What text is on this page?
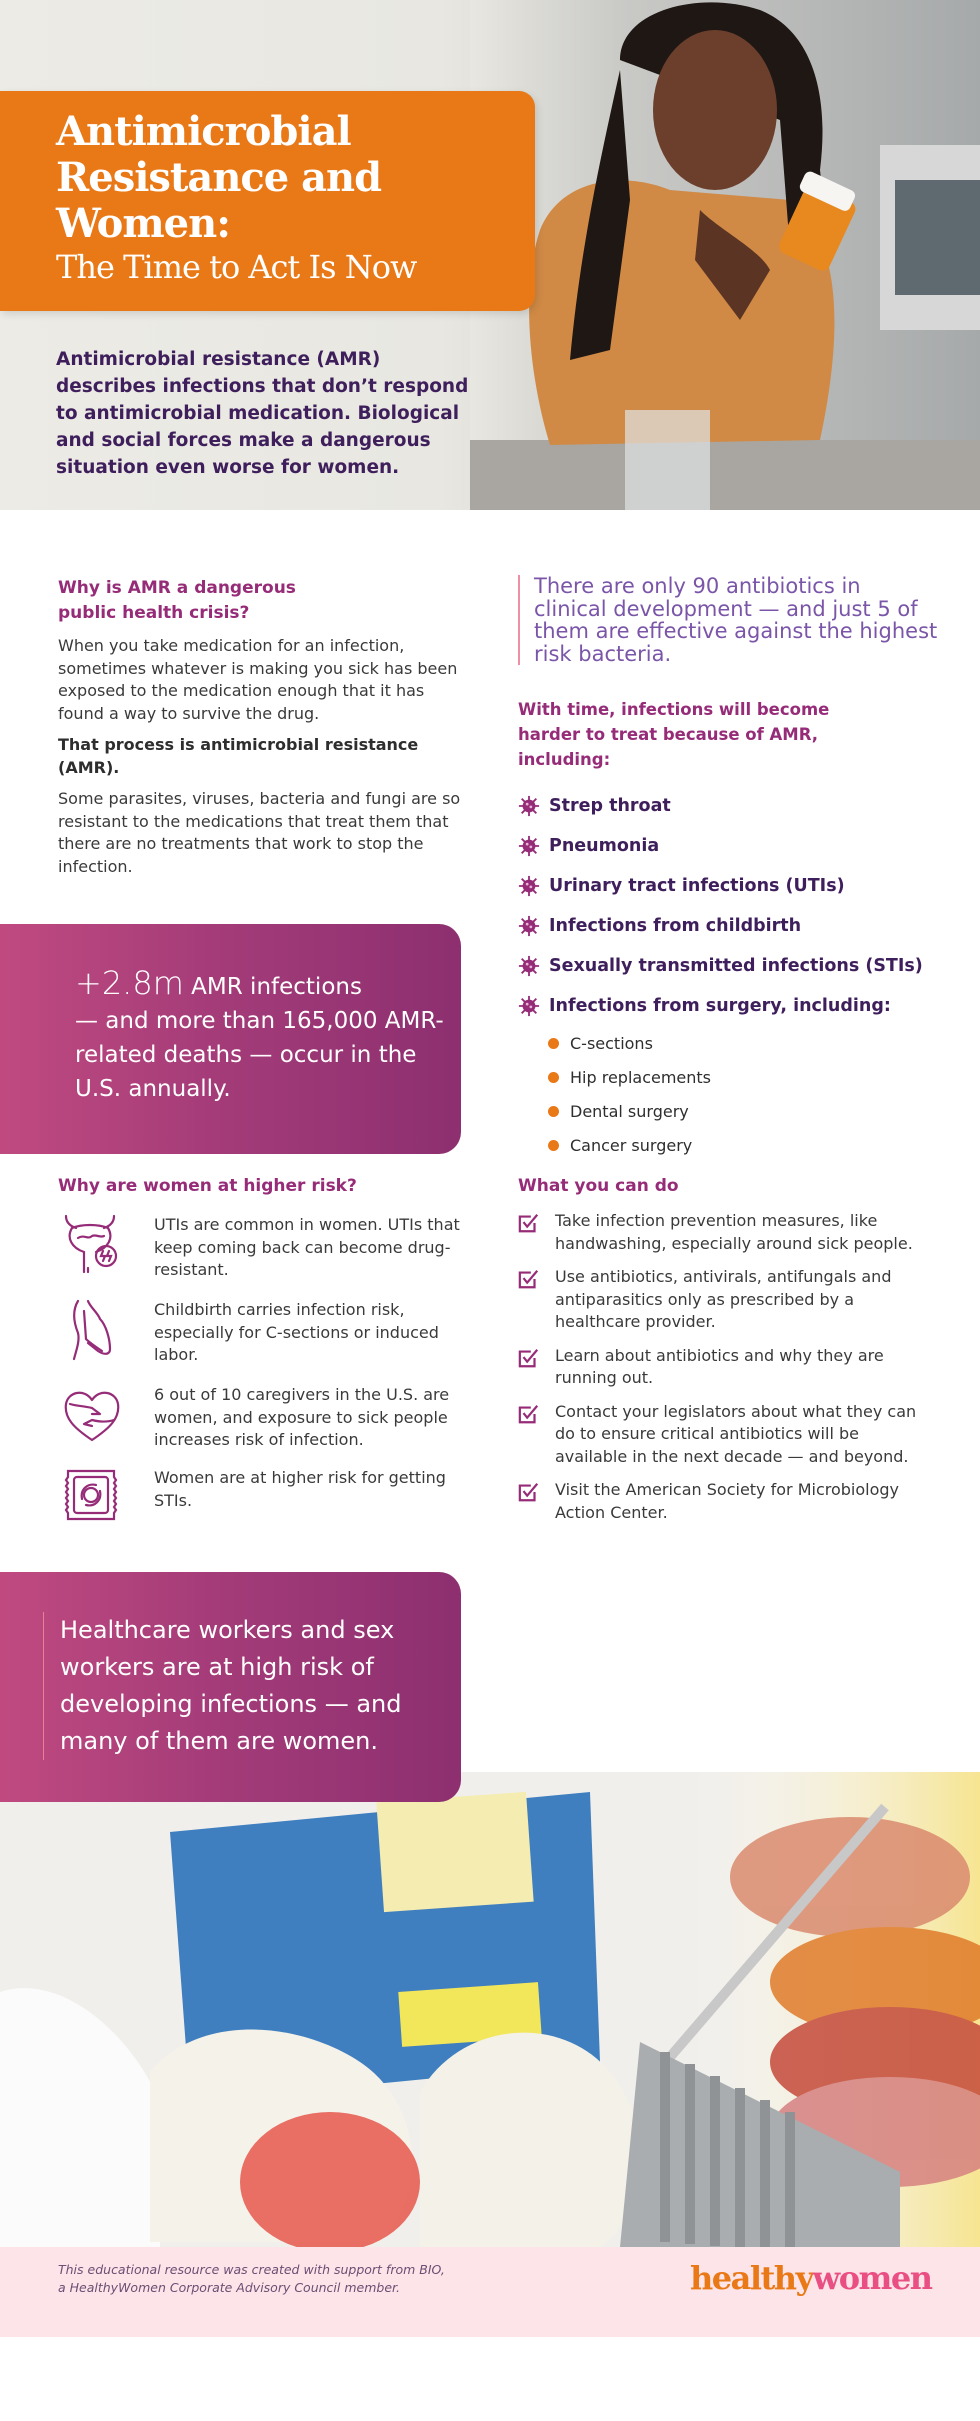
Antimicrobial
Resistance and
Women:
The Time to Act Is Now

Antimicrobial resistance (AMR) describes infections that don’t respond to antimicrobial medication. Biological and social forces make a dangerous situation even worse for women.

Why is AMR a dangerous
public health crisis?

When you take medication for an infection, sometimes whatever is making you sick has been exposed to the medication enough that it has found a way to survive the drug.

That process is antimicrobial resistance (AMR).

Some parasites, viruses, bacteria and fungi are so resistant to the medications that treat them that there are no treatments that work to stop the infection.

There are only 90 antibiotics in clinical development — and just 5 of them are effective against the highest risk bacteria.
With time, infections will become harder to treat because of AMR, including:
Strep throat
Pneumonia
Urinary tract infections (UTIs)
Infections from childbirth
Sexually transmitted infections (STIs)
Infections from surgery, including:
C-sections
Hip replacements
Dental surgery
Cancer surgery
+2.8m AMR infections
— and more than 165,000 AMR-related deaths — occur in the U.S. annually.
Why are women at higher risk?
UTIs are common in women. UTIs that keep coming back can become drug-resistant.
Childbirth carries infection risk, especially for C-sections or induced labor.
6 out of 10 caregivers in the U.S. are women, and exposure to sick people increases risk of infection.
Women are at higher risk for getting STIs.
What you can do
Take infection prevention measures, like handwashing, especially around sick people.
Use antibiotics, antivirals, antifungals and antiparasitics only as prescribed by a healthcare provider.
Learn about antibiotics and why they are running out.
Contact your legislators about what they can do to ensure critical antibiotics will be available in the next decade — and beyond.
Visit the American Society for Microbiology Action Center.
Healthcare workers and sex workers are at high risk of developing infections — and many of them are women.
This educational resource was created with support from BIO,
a HealthyWomen Corporate Advisory Council member.	healthywomen
